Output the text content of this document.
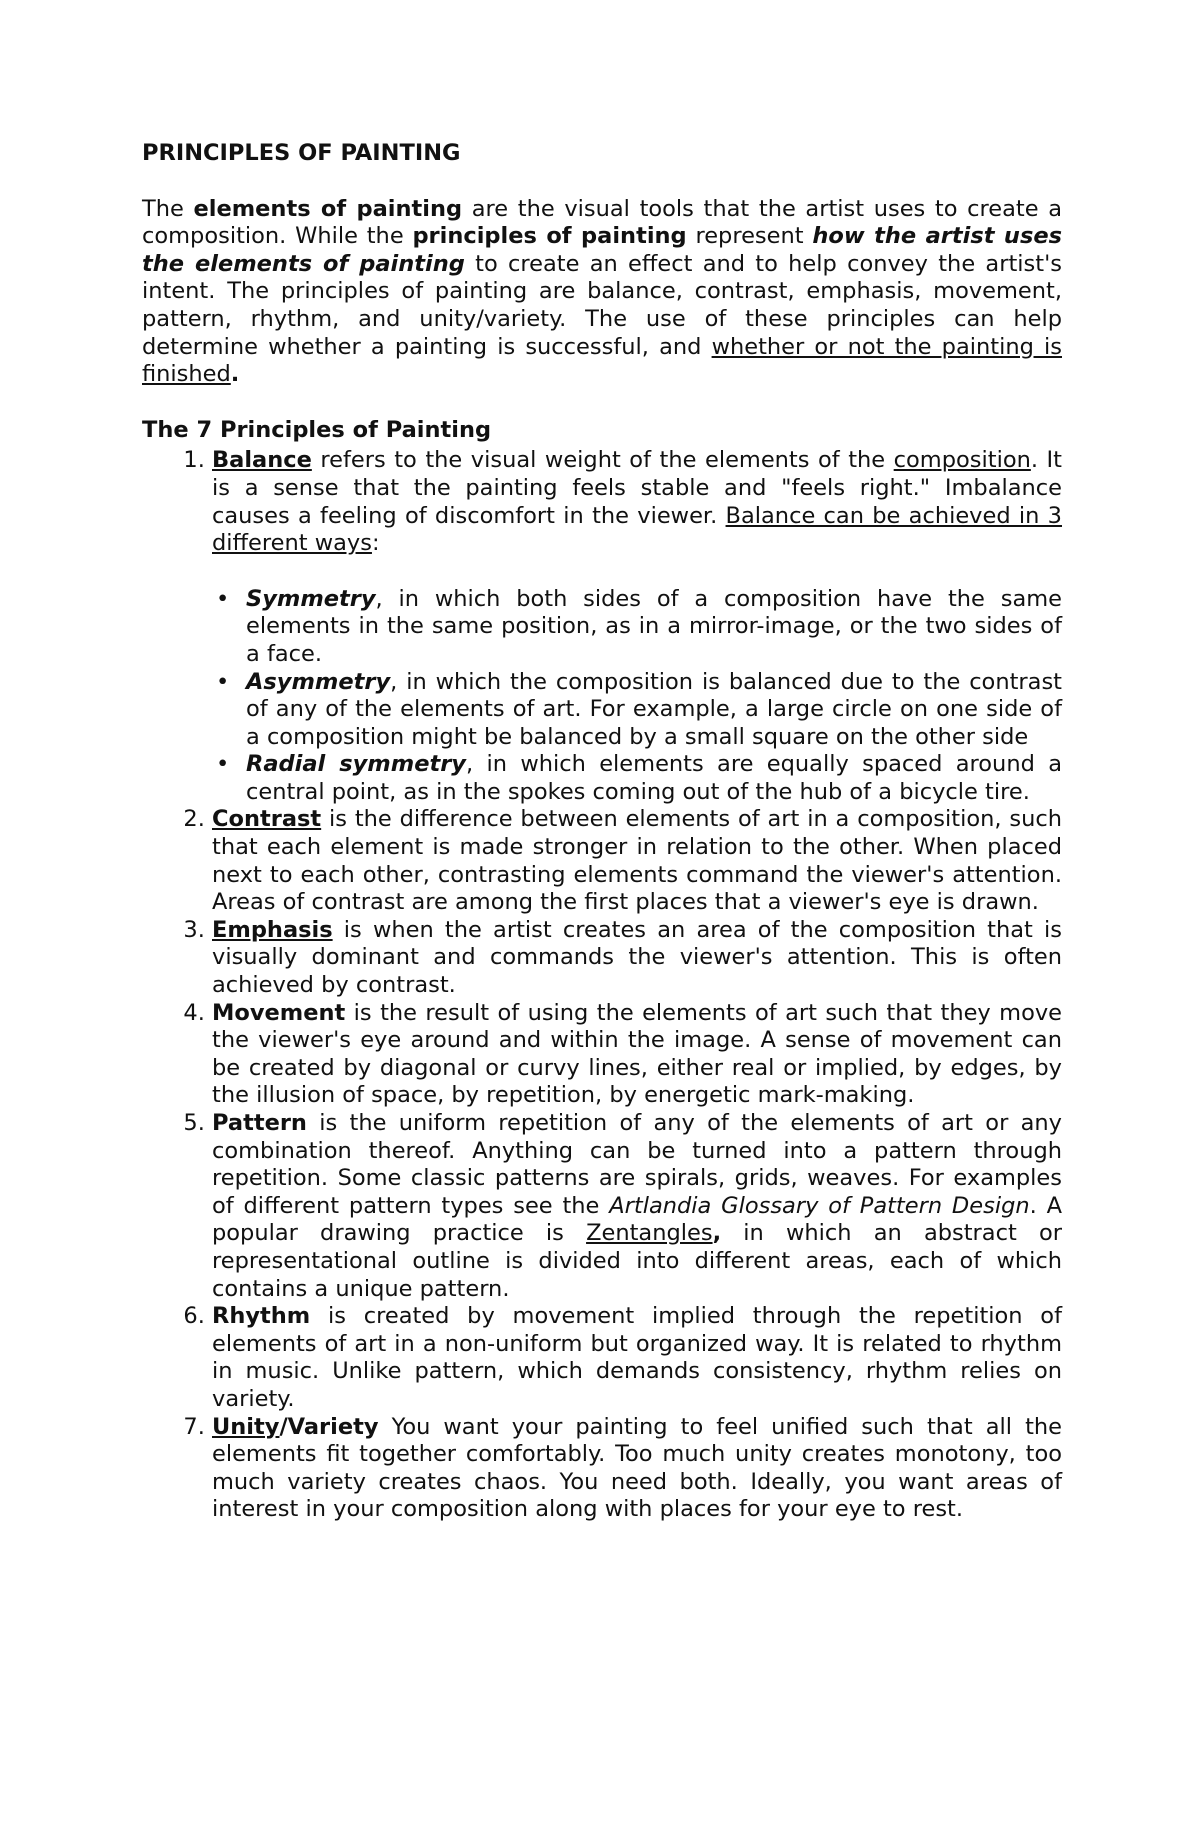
PRINCIPLES OF PAINTING

The elements of painting are the visual tools that the artist uses to create a composition. While the principles of painting represent how the artist uses the elements of painting to create an effect and to help convey the artist's intent. The principles of painting are balance, contrast, emphasis, movement, pattern, rhythm, and unity/variety. The use of these principles can help determine whether a painting is successful, and whether or not the painting is finished.

The 7 Principles of Painting
1. Balance refers to the visual weight of the elements of the composition. It is a sense that the painting feels stable and "feels right." Imbalance causes a feeling of discomfort in the viewer. Balance can be achieved in 3 different ways:
• Symmetry, in which both sides of a composition have the same elements in the same position, as in a mirror-image, or the two sides of a face.
• Asymmetry, in which the composition is balanced due to the contrast of any of the elements of art. For example, a large circle on one side of a composition might be balanced by a small square on the other side
• Radial symmetry, in which elements are equally spaced around a central point, as in the spokes coming out of the hub of a bicycle tire.
2. Contrast is the difference between elements of art in a composition, such that each element is made stronger in relation to the other. When placed next to each other, contrasting elements command the viewer's attention. Areas of contrast are among the first places that a viewer's eye is drawn.
3. Emphasis is when the artist creates an area of the composition that is visually dominant and commands the viewer's attention. This is often achieved by contrast.
4. Movement is the result of using the elements of art such that they move the viewer's eye around and within the image. A sense of movement can be created by diagonal or curvy lines, either real or implied, by edges, by the illusion of space, by repetition, by energetic mark-making.
5. Pattern is the uniform repetition of any of the elements of art or any combination thereof. Anything can be turned into a pattern through repetition. Some classic patterns are spirals, grids, weaves. For examples of different pattern types see the Artlandia Glossary of Pattern Design. A popular drawing practice is Zentangles, in which an abstract or representational outline is divided into different areas, each of which contains a unique pattern.
6. Rhythm is created by movement implied through the repetition of elements of art in a non-uniform but organized way. It is related to rhythm in music. Unlike pattern, which demands consistency, rhythm relies on variety.
7. Unity/Variety You want your painting to feel unified such that all the elements fit together comfortably. Too much unity creates monotony, too much variety creates chaos. You need both. Ideally, you want areas of interest in your composition along with places for your eye to rest.
